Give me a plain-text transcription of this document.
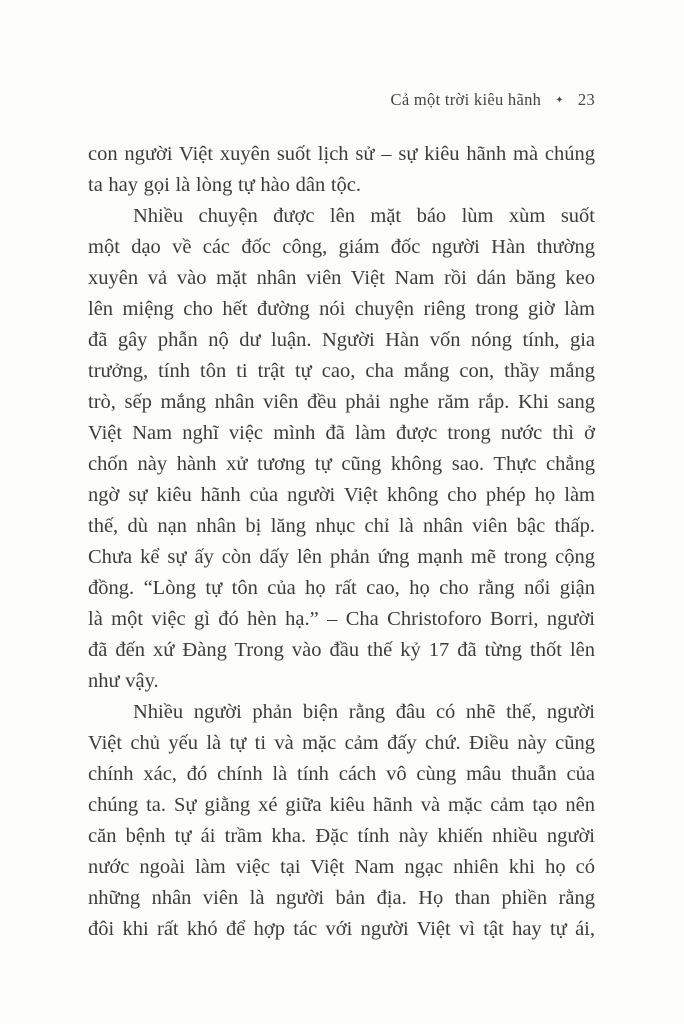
Cả một trời kiêu hãnh ✦ 23
con người Việt xuyên suốt lịch sử – sự kiêu hãnh mà chúng
ta hay gọi là lòng tự hào dân tộc.
Nhiều chuyện được lên mặt báo lùm xùm suốt
một dạo về các đốc công, giám đốc người Hàn thường
xuyên vả vào mặt nhân viên Việt Nam rồi dán băng keo
lên miệng cho hết đường nói chuyện riêng trong giờ làm
đã gây phẫn nộ dư luận. Người Hàn vốn nóng tính, gia
trưởng, tính tôn ti trật tự cao, cha mắng con, thầy mắng
trò, sếp mắng nhân viên đều phải nghe răm rắp. Khi sang
Việt Nam nghĩ việc mình đã làm được trong nước thì ở
chốn này hành xử tương tự cũng không sao. Thực chẳng
ngờ sự kiêu hãnh của người Việt không cho phép họ làm
thế, dù nạn nhân bị lăng nhục chỉ là nhân viên bậc thấp.
Chưa kể sự ấy còn dấy lên phản ứng mạnh mẽ trong cộng
đồng. “Lòng tự tôn của họ rất cao, họ cho rằng nổi giận
là một việc gì đó hèn hạ.” – Cha Christoforo Borri, người
đã đến xứ Đàng Trong vào đầu thế kỷ 17 đã từng thốt lên
như vậy.
Nhiều người phản biện rằng đâu có nhẽ thế, người
Việt chủ yếu là tự ti và mặc cảm đấy chứ. Điều này cũng
chính xác, đó chính là tính cách vô cùng mâu thuẫn của
chúng ta. Sự giằng xé giữa kiêu hãnh và mặc cảm tạo nên
căn bệnh tự ái trầm kha. Đặc tính này khiến nhiều người
nước ngoài làm việc tại Việt Nam ngạc nhiên khi họ có
những nhân viên là người bản địa. Họ than phiền rằng
đôi khi rất khó để hợp tác với người Việt vì tật hay tự ái,
